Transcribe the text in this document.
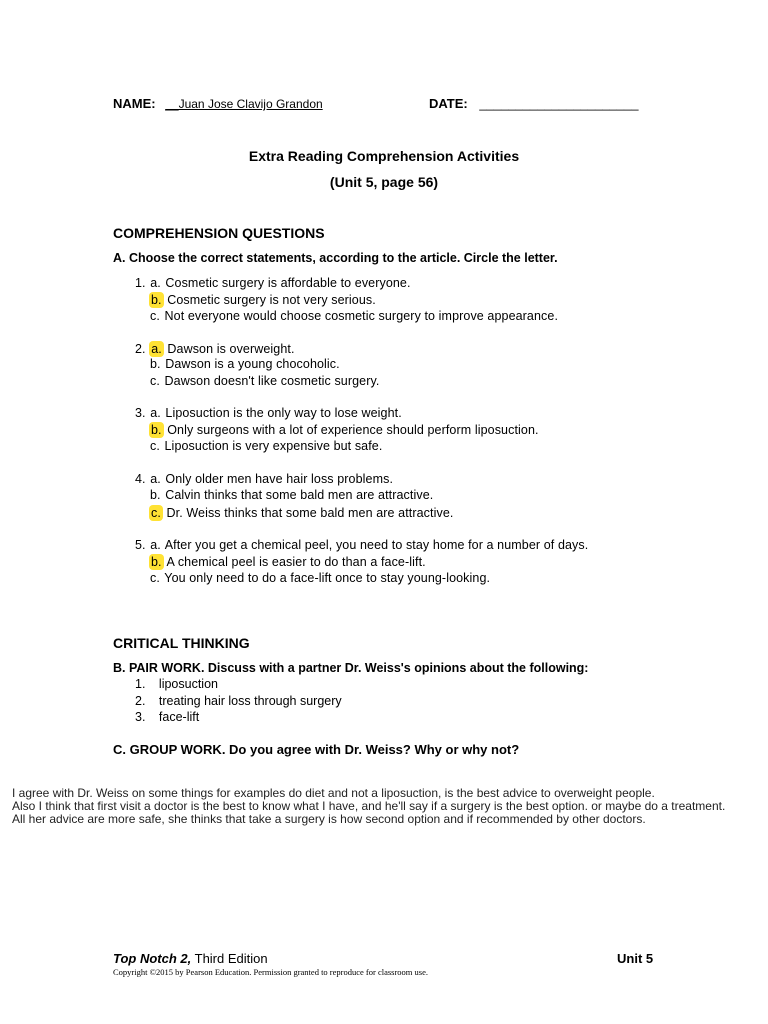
NAME: __Juan Jose Clavijo Grandon	DATE: ______________________
Extra Reading Comprehension Activities
(Unit 5, page 56)
COMPREHENSION QUESTIONS
A. Choose the correct statements, according to the article. Circle the letter.
1. a. Cosmetic surgery is affordable to everyone.
b. Cosmetic surgery is not very serious.
c. Not everyone would choose cosmetic surgery to improve appearance.
2. a. Dawson is overweight.
b. Dawson is a young chocoholic.
c. Dawson doesn't like cosmetic surgery.
3. a. Liposuction is the only way to lose weight.
b. Only surgeons with a lot of experience should perform liposuction.
c. Liposuction is very expensive but safe.
4. a. Only older men have hair loss problems.
b. Calvin thinks that some bald men are attractive.
c. Dr. Weiss thinks that some bald men are attractive.
5. a. After you get a chemical peel, you need to stay home for a number of days.
b. A chemical peel is easier to do than a face-lift.
c. You only need to do a face-lift once to stay young-looking.
CRITICAL THINKING
B. PAIR WORK. Discuss with a partner Dr. Weiss's opinions about the following:
1. liposuction
2. treating hair loss through surgery
3. face-lift
C. GROUP WORK. Do you agree with Dr. Weiss? Why or why not?
I agree with Dr. Weiss on some things for examples do diet and not a liposuction, is the best advice to overweight people.
Also I think that first visit a doctor is the best to know what I have, and he'll say if a surgery is the best option. or maybe do a treatment.
All her advice are more safe, she thinks that take a surgery is how second option and if recommended by other doctors.
Top Notch 2, Third Edition	Unit 5
Copyright ©2015 by Pearson Education. Permission granted to reproduce for classroom use.
